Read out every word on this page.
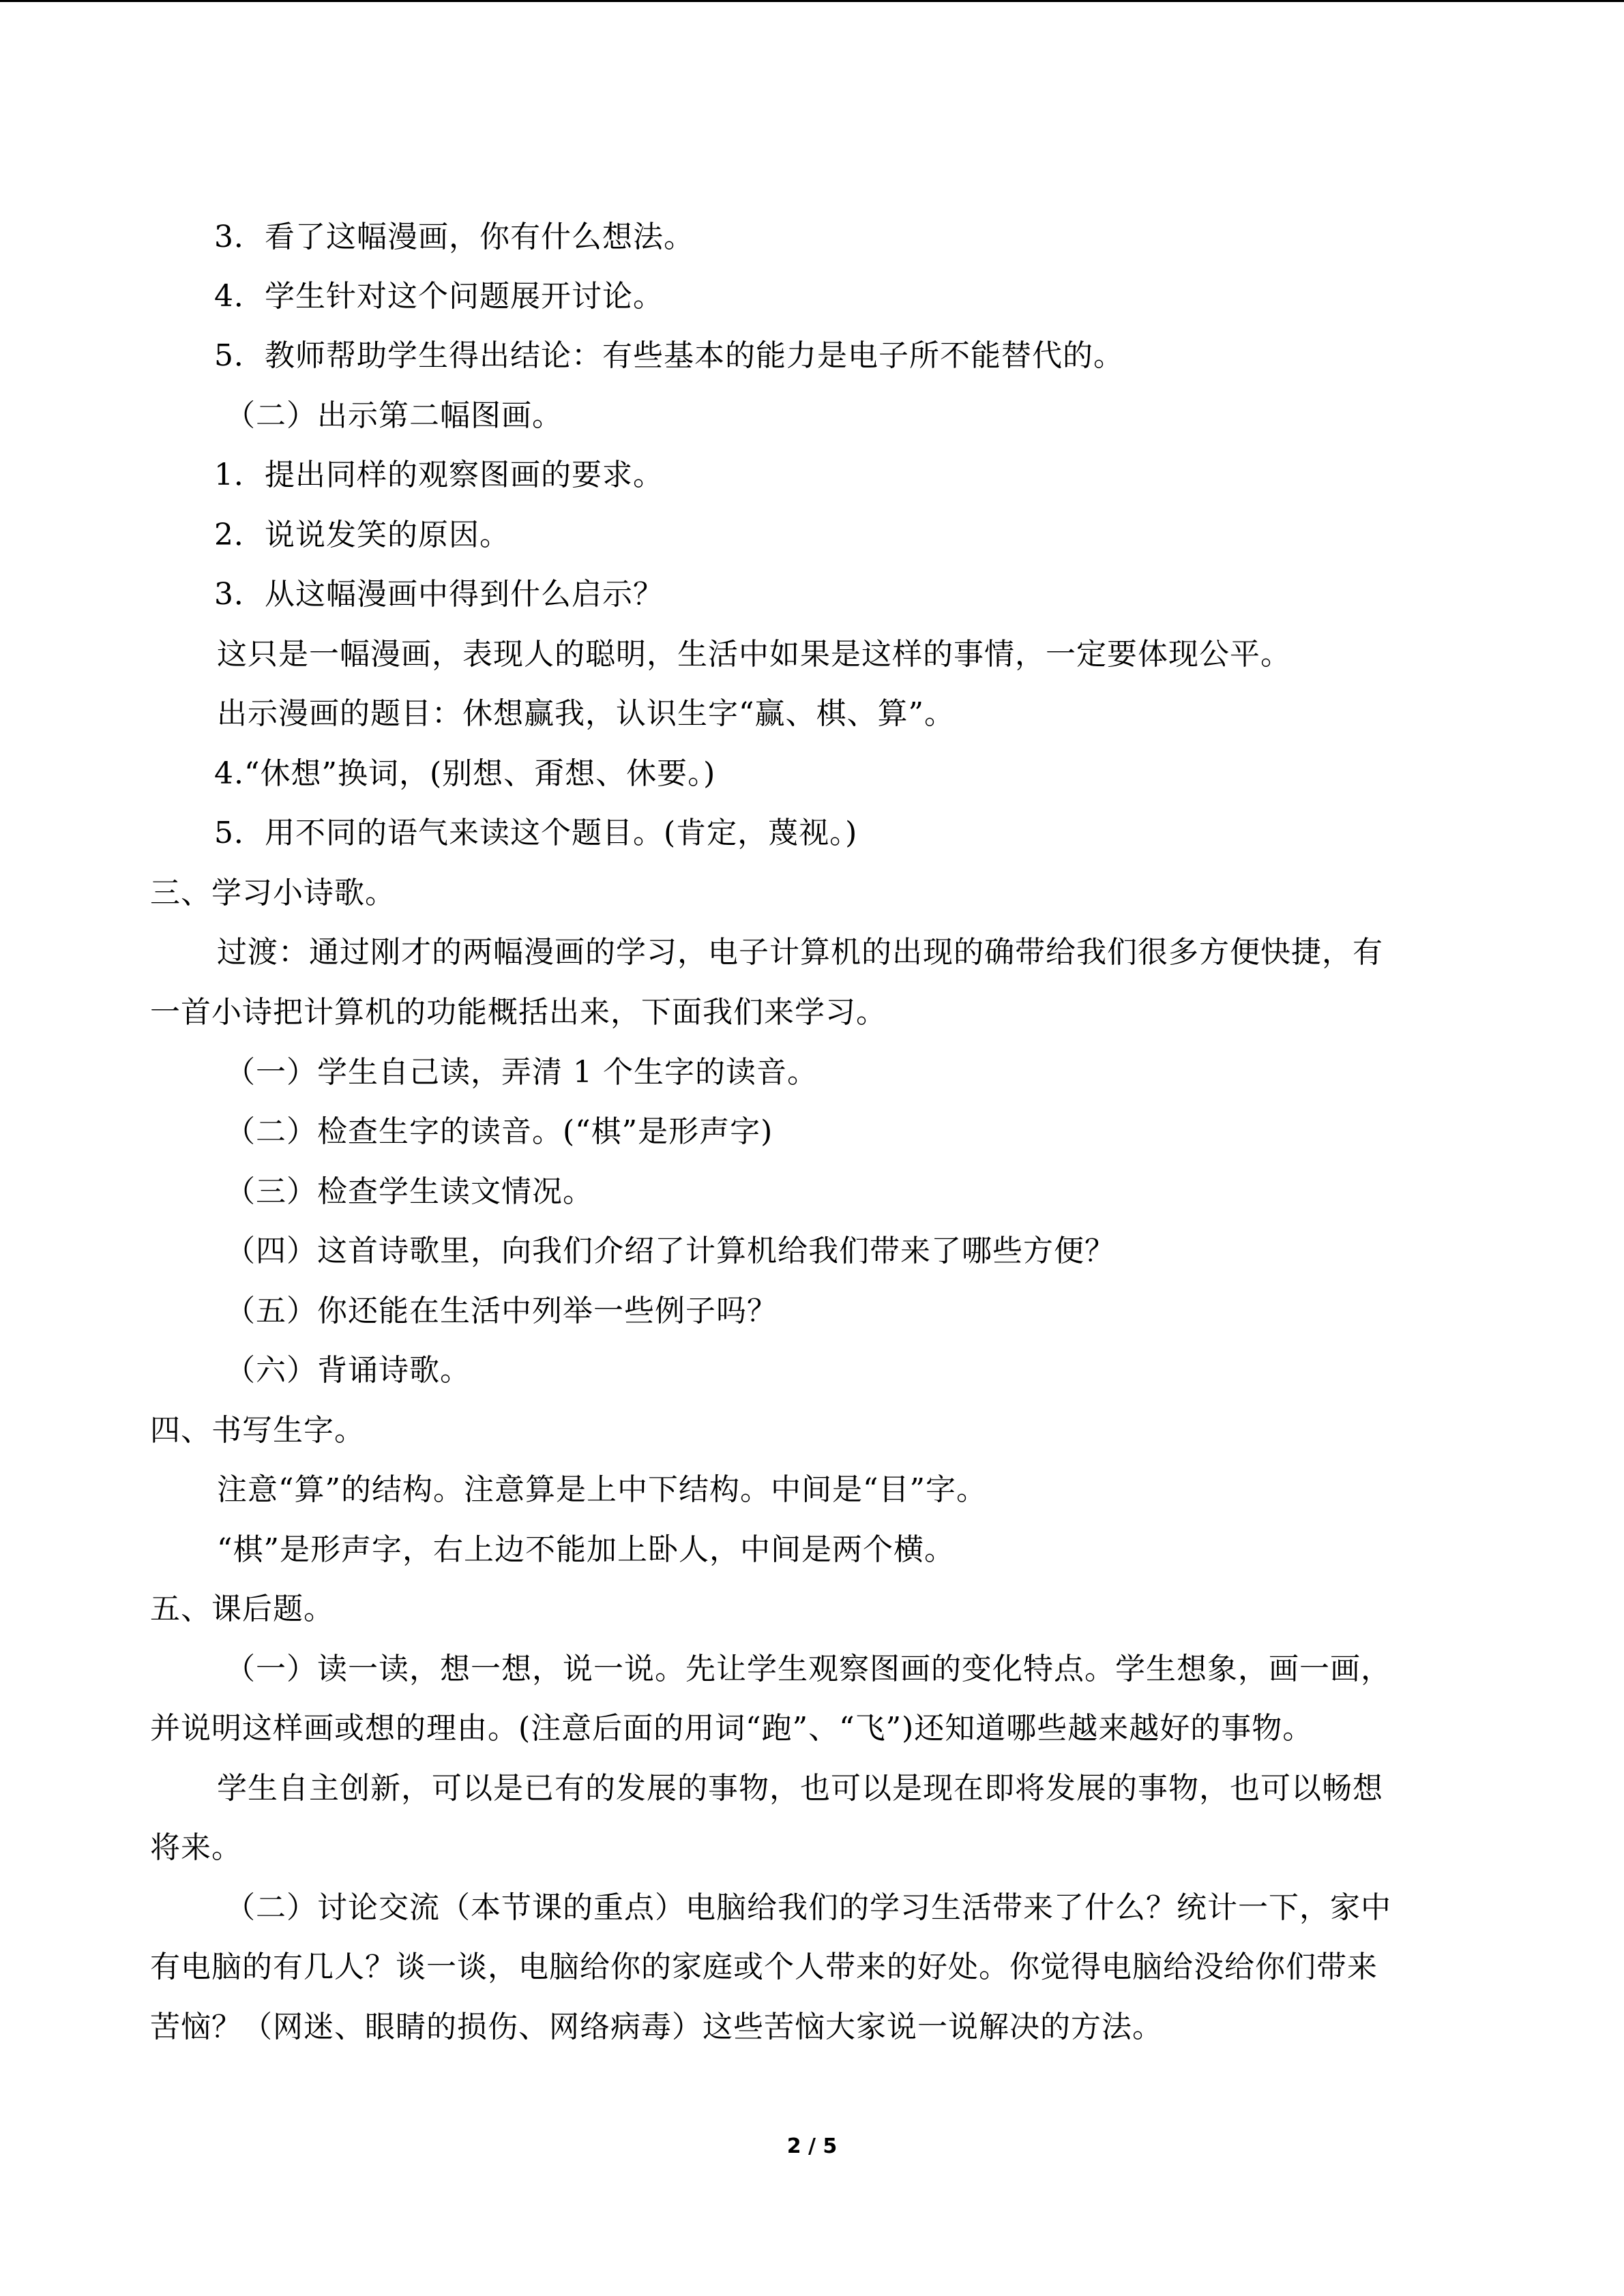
3．看了这幅漫画，你有什么想法。
4．学生针对这个问题展开讨论。
5．教师帮助学生得出结论：有些基本的能力是电子所不能替代的。
（二）出示第二幅图画。
1．提出同样的观察图画的要求。
2．说说发笑的原因。
3．从这幅漫画中得到什么启示？
这只是一幅漫画，表现人的聪明，生活中如果是这样的事情，一定要体现公平。
出示漫画的题目：休想赢我，认识生字“赢、棋、算”。
4.“休想”换词，(别想、甭想、休要。)
5．用不同的语气来读这个题目。(肯定，蔑视。)
三、学习小诗歌。
过渡：通过刚才的两幅漫画的学习，电子计算机的出现的确带给我们很多方便快捷，有
一首小诗把计算机的功能概括出来，下面我们来学习。
（一）学生自己读，弄清 1 个生字的读音。
（二）检查生字的读音。(“棋”是形声字)
（三）检查学生读文情况。
（四）这首诗歌里，向我们介绍了计算机给我们带来了哪些方便？
（五）你还能在生活中列举一些例子吗？
（六）背诵诗歌。
四、书写生字。
注意“算”的结构。注意算是上中下结构。中间是“目”字。
“棋”是形声字，右上边不能加上卧人，中间是两个横。
五、课后题。
（一）读一读，想一想，说一说。先让学生观察图画的变化特点。学生想象，画一画，
并说明这样画或想的理由。(注意后面的用词“跑”、“飞”)还知道哪些越来越好的事物。
学生自主创新，可以是已有的发展的事物，也可以是现在即将发展的事物，也可以畅想
将来。
（二）讨论交流（本节课的重点）电脑给我们的学习生活带来了什么？统计一下，家中
有电脑的有几人？谈一谈，电脑给你的家庭或个人带来的好处。你觉得电脑给没给你们带来
苦恼？（网迷、眼睛的损伤、网络病毒）这些苦恼大家说一说解决的方法。
2 / 5
